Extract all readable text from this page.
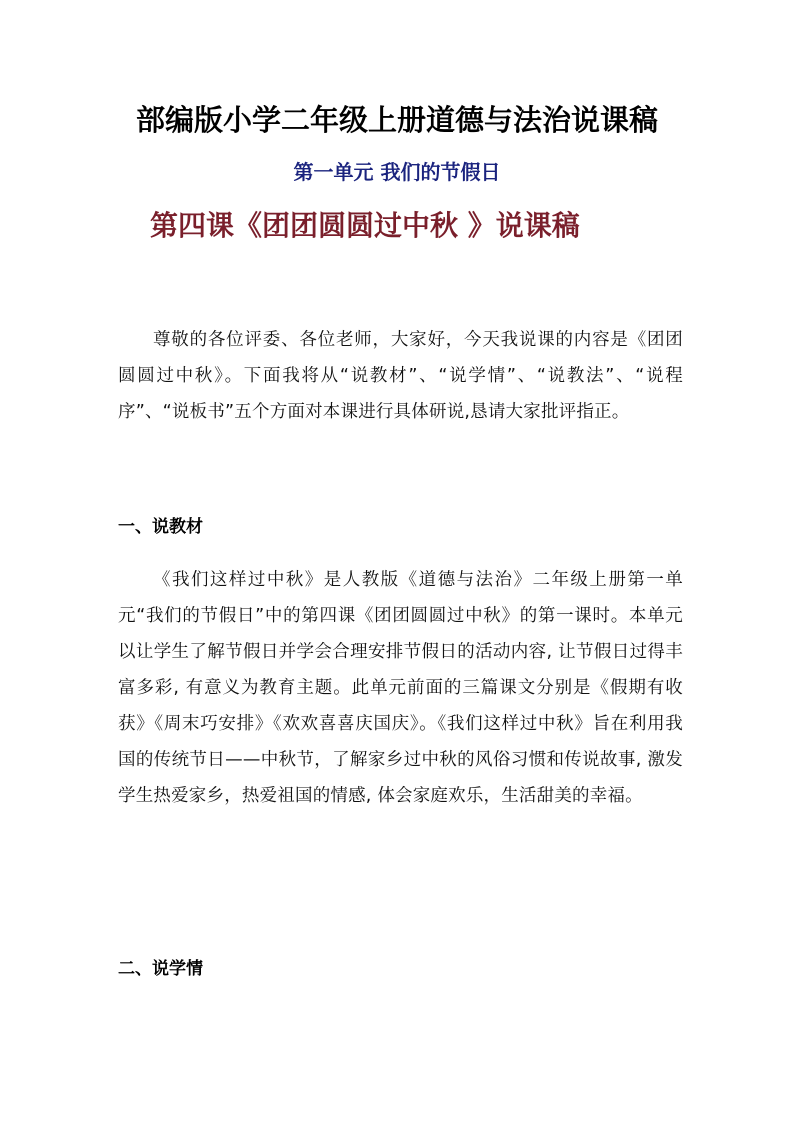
部编版小学二年级上册道德与法治说课稿
第一单元 我们的节假日
第四课《团团圆圆过中秋 》说课稿

尊敬的各位评委、各位老师，大家好，今天我说课的内容是《团团圆圆过中秋》。下面我将从“说教材”、“说学情”、“说教法”、“说程序”、“说板书”五个方面对本课进行具体研说,恳请大家批评指正。

一、说教材

《我们这样过中秋》是人教版《道德与法治》二年级上册第一单元“我们的节假日”中的第四课《团团圆圆过中秋》的第一课时。本单元以让学生了解节假日并学会合理安排节假日的活动内容, 让节假日过得丰富多彩, 有意义为教育主题。此单元前面的三篇课文分别是《假期有收获》《周末巧安排》《欢欢喜喜庆国庆》。《我们这样过中秋》旨在利用我国的传统节日——中秋节，了解家乡过中秋的风俗习惯和传说故事, 激发学生热爱家乡，热爱祖国的情感, 体会家庭欢乐，生活甜美的幸福。

二、说学情
